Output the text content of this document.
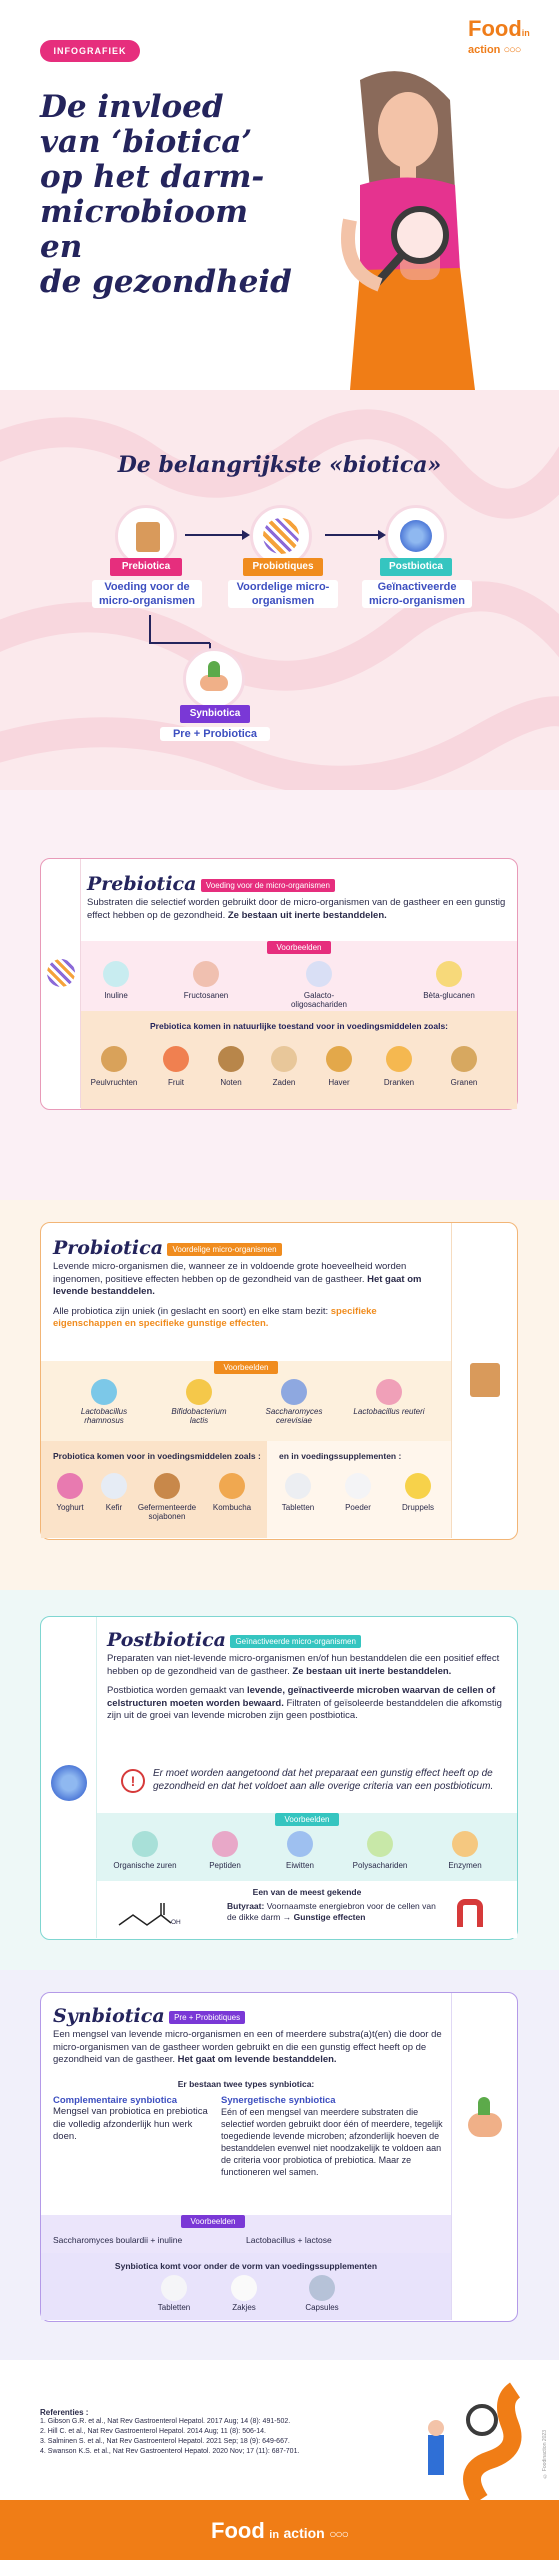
INFOGRAFIEK
Foodin
action ○○○
De invloed
van ‘biotica’
op het darm-
microbioom en
de gezondheid
De belangrijkste «biotica»
Prebiotica
Voeding voor de micro-organismen
Probiotiques
Voordelige micro-organismen
Postbiotica
Geïnactiveerde micro-organismen
Synbiotica
Pre + Probiotica
Prebiotica Voeding voor de micro-organismen
Substraten die selectief worden gebruikt door de micro-organismen van de gastheer en een gunstig effect hebben op de gezondheid. Ze bestaan uit inerte bestanddelen.
Voorbeelden
Inuline	Fructosanen	Galacto-oligosachariden
Bèta-glucanen
Prebiotica komen in natuurlijke toestand voor in voedingsmiddelen zoals:
Peulvruchten	Fruit	Noten	Zaden	Haver	Dranken	Granen
Probiotica Voordelige micro-organismen
Levende micro-organismen die, wanneer ze in voldoende grote hoeveelheid worden ingenomen, positieve effecten hebben op de gezondheid van de gastheer. Het gaat om levende bestanddelen.
Alle probiotica zijn uniek (in geslacht en soort) en elke stam bezit: specifieke eigenschappen en specifieke gunstige effecten.
Voorbeelden
Lactobacillus rhamnosus
Bifidobacterium lactis
Saccharomyces cerevisiae
Lactobacillus reuteri
Probiotica komen voor in voedingsmiddelen zoals :
Yoghurt	Kefir	Gefermenteerde sojabonen
Kombucha
en in voedingssupplementen :
Tabletten	Poeder	Druppels
Postbiotica Geïnactiveerde micro-organismen
Preparaten van niet-levende micro-organismen en/of hun bestanddelen die een positief effect hebben op de gezondheid van de gastheer. Ze bestaan uit inerte bestanddelen.
Postbiotica worden gemaakt van levende, geïnactiveerde microben waarvan de cellen of celstructuren moeten worden bewaard. Filtraten of geïsoleerde bestanddelen die afkomstig zijn uit de groei van levende microben zijn geen postbiotica.
!	Er moet worden aangetoond dat het preparaat een gunstig effect heeft op de gezondheid en dat het voldoet aan alle overige criteria van een postbioticum.
Voorbeelden
Organische zuren	Peptiden	Eiwitten	Polysachariden	Enzymen
Een van de meest gekende
OH
Butyraat: Voornaamste energiebron voor de cellen van de dikke darm → Gunstige effecten
Synbiotica Pre + Probiotiques
Een mengsel van levende micro-organismen en een of meerdere substra(a)t(en) die door de micro-organismen van de gastheer worden gebruikt en die een gunstig effect heeft op de gezondheid van de gastheer. Het gaat om levende bestanddelen.
Er bestaan twee types synbiotica:
Complementaire synbiotica
Mengsel van probiotica en prebiotica die volledig afzonderlijk hun werk doen.
Synergetische synbiotica
Eén of een mengsel van meerdere substraten die selectief worden gebruikt door één of meerdere, tegelijk toegediende levende microben; afzonderlijk hoeven de bestanddelen evenwel niet noodzakelijk te voldoen aan de criteria voor probiotica of prebiotica. Maar ze functioneren wel samen.
Voorbeelden
Saccharomyces boulardii + inuline	Lactobacillus + lactose
Synbiotica komt voor onder de vorm van voedingssupplementen
Tabletten	Zakjes	Capsules
Referenties :
1. Gibson G.R. et al., Nat Rev Gastroenterol Hepatol. 2017 Aug; 14 (8): 491-502.
2. Hill C. et al., Nat Rev Gastroenterol Hepatol. 2014 Aug; 11 (8): 506-14.
3. Salminen S. et al., Nat Rev Gastroenterol Hepatol. 2021 Sep; 18 (9): 649-667.
4. Swanson K.S. et al., Nat Rev Gastroenterol Hepatol. 2020 Nov; 17 (11): 687-701.	© Foodinaction 2023
Food in action ○○○
